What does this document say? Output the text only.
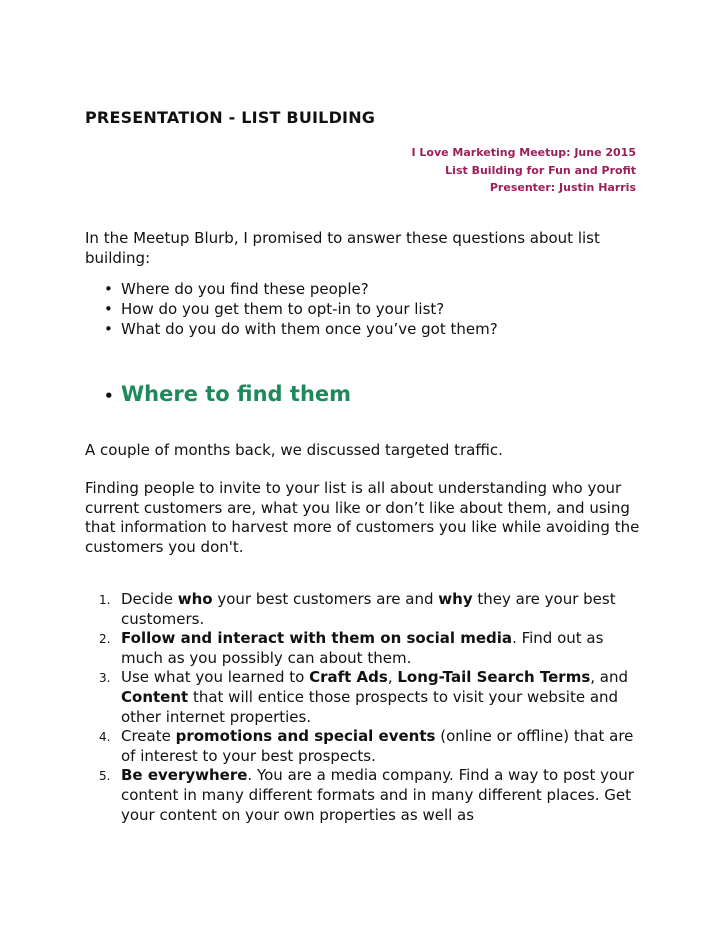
PRESENTATION - LIST BUILDING
I Love Marketing Meetup: June 2015
List Building for Fun and Profit
Presenter: Justin Harris

In the Meetup Blurb, I promised to answer these questions about list building:

• Where do you find these people?
• How do you get them to opt-in to your list?
• What do you do with them once you’ve got them?
• Where to find them

A couple of months back, we discussed targeted traffic.

Finding people to invite to your list is all about understanding who your current customers are, what you like or don’t like about them, and using that information to harvest more of customers you like while avoiding the customers you don't.

1. Decide who your best customers are and why they are your best customers.
2. Follow and interact with them on social media. Find out as much as you possibly can about them.
3. Use what you learned to Craft Ads, Long-Tail Search Terms, and Content that will entice those prospects to visit your website and other internet properties.
4. Create promotions and special events (online or offline) that are of interest to your best prospects.
5. Be everywhere. You are a media company. Find a way to post your content in many different formats and in many different places. Get your content on your own properties as well as
